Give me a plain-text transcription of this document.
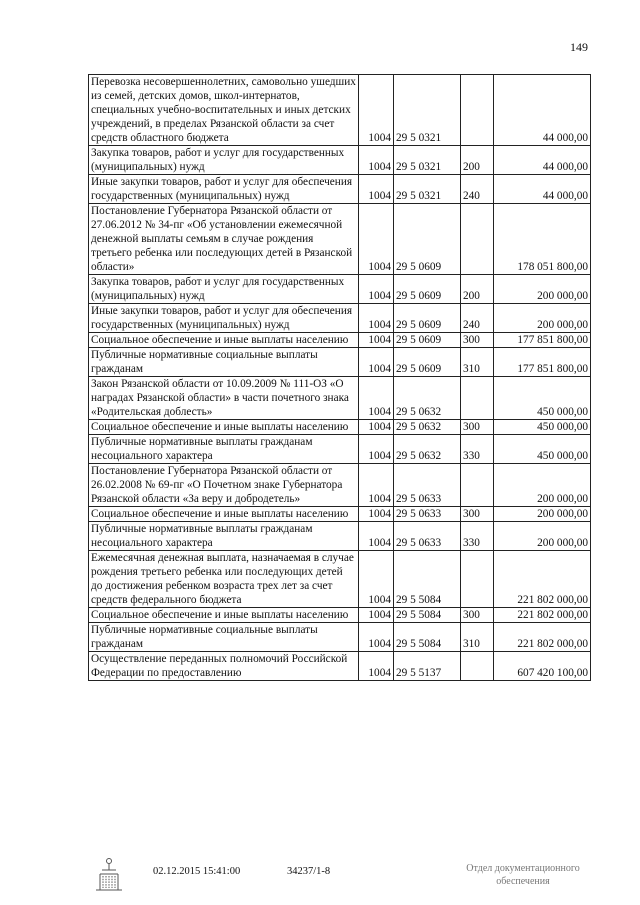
149
Перевозка несовершеннолетних, самовольно ушедших из семей, детских домов, школ-интернатов, специальных учебно-воспитательных и иных детских учреждений, в пределах Рязанской области за счет средств областного бюджета	1004	29 5 0321		44 000,00
Закупка товаров, работ и услуг для государственных (муниципальных) нужд	1004	29 5 0321	200	44 000,00
Иные закупки товаров, работ и услуг для обеспечения государственных (муниципальных) нужд	1004	29 5 0321	240	44 000,00
Постановление Губернатора Рязанской области от 27.06.2012 № 34-пг «Об установлении ежемесячной денежной выплаты семьям в случае рождения третьего ребенка или последующих детей в Рязанской области»	1004	29 5 0609		178 051 800,00
Закупка товаров, работ и услуг для государственных (муниципальных) нужд	1004	29 5 0609	200	200 000,00
Иные закупки товаров, работ и услуг для обеспечения государственных (муниципальных) нужд	1004	29 5 0609	240	200 000,00
Социальное обеспечение и иные выплаты населению	1004	29 5 0609	300	177 851 800,00
Публичные нормативные социальные выплаты гражданам	1004	29 5 0609	310	177 851 800,00
Закон Рязанской области от 10.09.2009 № 111-ОЗ «О наградах Рязанской области» в части почетного знака «Родительская доблесть»	1004	29 5 0632		450 000,00
Социальное обеспечение и иные выплаты населению	1004	29 5 0632	300	450 000,00
Публичные нормативные выплаты гражданам несоциального характера	1004	29 5 0632	330	450 000,00
Постановление Губернатора Рязанской области от 26.02.2008 № 69-пг «О Почетном знаке Губернатора Рязанской области «За веру и добродетель»	1004	29 5 0633		200 000,00
Социальное обеспечение и иные выплаты населению	1004	29 5 0633	300	200 000,00
Публичные нормативные выплаты гражданам несоциального характера	1004	29 5 0633	330	200 000,00
Ежемесячная денежная выплата, назначаемая в случае рождения третьего ребенка или последующих детей до достижения ребенком возраста трех лет за счет средств федерального бюджета	1004	29 5 5084		221 802 000,00
Социальное обеспечение и иные выплаты населению	1004	29 5 5084	300	221 802 000,00
Публичные нормативные социальные выплаты гражданам	1004	29 5 5084	310	221 802 000,00
Осуществление переданных полномочий Российской Федерации по предоставлению	1004	29 5 5137		607 420 100,00
02.12.2015 15:41:00	34237/1-8	Отдел документационного
обеспечения
